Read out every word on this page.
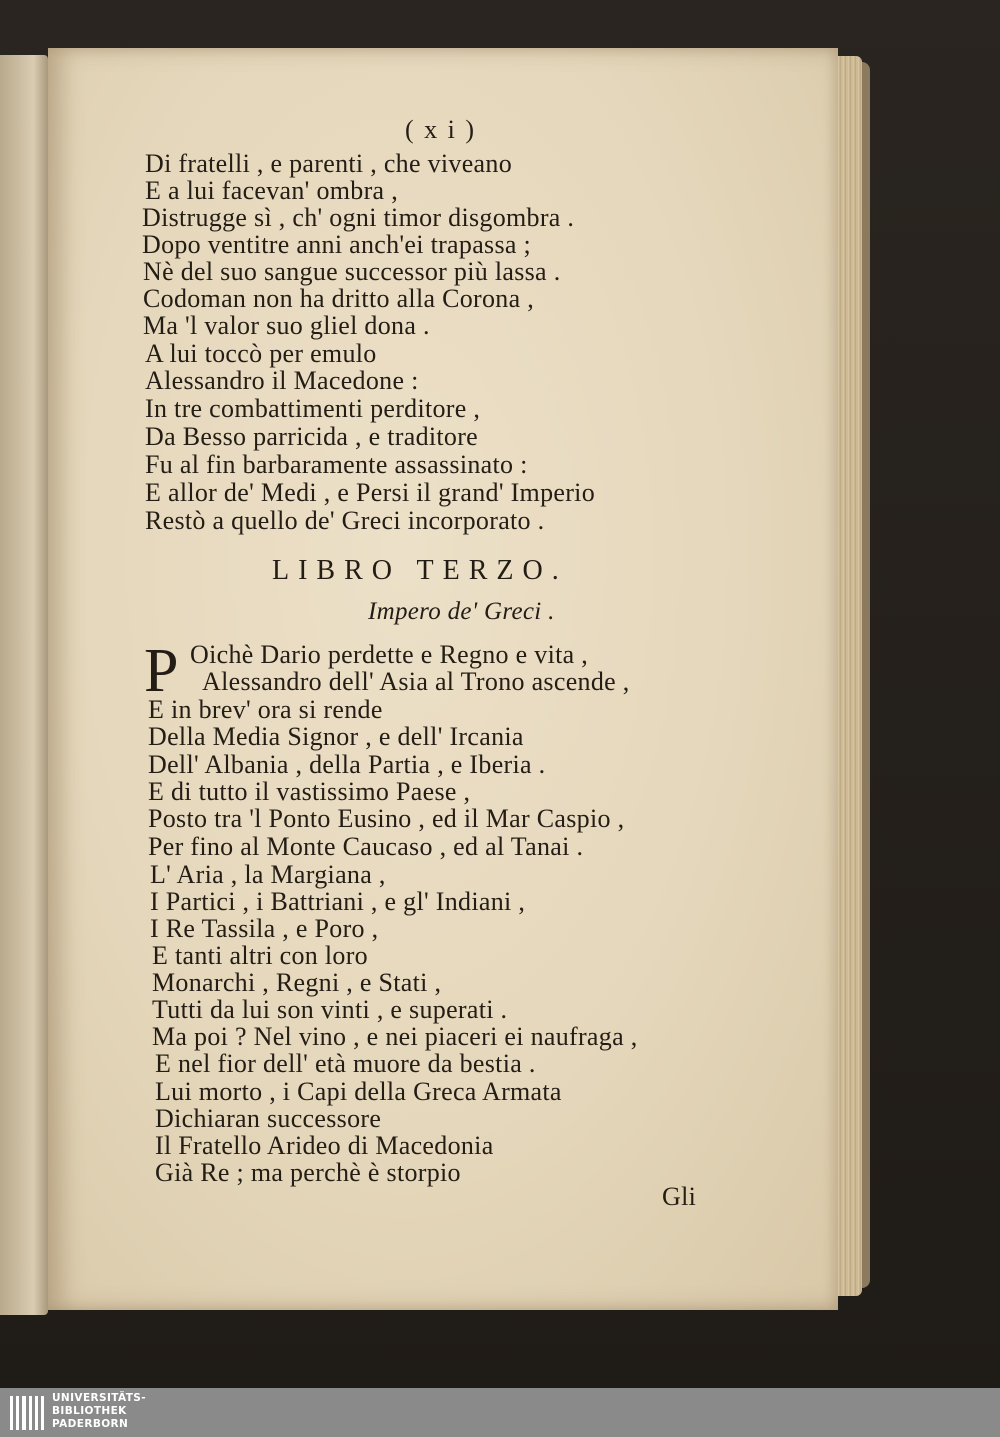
( x i )
Di fratelli , e parenti , che viveano
E a lui facevan' ombra ,
Distrugge sì , ch' ogni timor disgombra .
Dopo ventitre anni anch'ei trapassa ;
Nè del suo sangue successor più lassa .
Codoman non ha dritto alla Corona ,
Ma 'l valor suo gliel dona .
A lui toccò per emulo
Alessandro il Macedone :
In tre combattimenti perditore ,
Da Besso parricida , e traditore
Fu al fin barbaramente assassinato :
E allor de' Medi , e Persi il grand' Imperio
Restò a quello de' Greci incorporato .
LIBRO TERZO.
Impero de' Greci .
P Oichè Dario perdette e Regno e vita ,
Alessandro dell' Asia al Trono ascende ,
E in brev' ora si rende
Della Media Signor , e dell' Ircania
Dell' Albania , della Partia , e Iberia .
E di tutto il vastissimo Paese ,
Posto tra 'l Ponto Eusino , ed il Mar Caspio ,
Per fino al Monte Caucaso , ed al Tanai .
L' Aria , la Margiana ,
I Partici , i Battriani , e gl' Indiani ,
I Re Tassila , e Poro ,
E tanti altri con loro
Monarchi , Regni , e Stati ,
Tutti da lui son vinti , e superati .
Ma poi ? Nel vino , e nei piaceri ei naufraga ,
E nel fior dell' età muore da bestia .
Lui morto , i Capi della Greca Armata
Dichiaran successore
Il Fratello Arideo di Macedonia
Già Re ; ma perchè è storpio
Gli
UNIVERSITÄTS-
BIBLIOTHEK
PADERBORN
